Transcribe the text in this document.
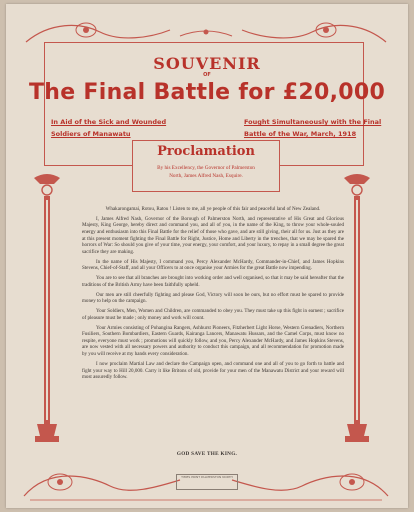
SOUVENIR
OF
The Final Battle for £20,000
In Aid of the Sick and Wounded
Soldiers of Manawatu
Fought Simultaneously with the Final
Battle of the War, March, 1918
Proclamation
By his Excellency, the Governor of Palmerston
North, James Alfred Nash, Esquire.

Whakarongamai, Rotou, Ratou ! Listen to me, all ye people of this fair and peaceful land of New Zealand.

I, James Alfred Nash, Governor of the Borough of Palmerston North, and representative of His Great and Glorious Majesty, King George, hereby direct and command you, and all of you, in the name of the King, to throw your whole-souled energy and enthusiasm into this Final Battle for the relief of those who gave, and are still giving, their all for us. Just as they are at this present moment fighting the Final Battle for Right, Justice, Home and Liberty in the trenches, that we may be spared the horrors of War: So should you give of your time, your energy, your comfort, and your luxury, to repay in a small degree the great sacrifice they are making.

In the name of His Majesty, I command you, Percy Alexander McHardy, Commander-in-Chief, and James Hopkins Stevens, Chief-of-Staff, and all your Officers to at once organise your Armies for the great Battle now impending.

You are to see that all branches are brought into working order and well organised, so that it may be said hereafter that the traditions of the British Army have been faithfully upheld.

Our men are still cheerfully fighting and please God, Victory will soon be ours, but no effort must be spared to provide money to help on the campaign.

Your Soldiers, Men, Women and Children, are commanded to obey you. They must take up this fight in earnest ; sacrifice of pleasure must be made ; only money and work will count.

Your Armies consisting of Pohangina Rangers, Ashhurst Pioneers, Fitzherbert Light Horse, Western Grenadiers, Northern Fusiliers, Southern Bombardiers, Eastern Guards, Kairanga Lancers, Manawatu Hussars, and the Camel Corps, must know no respite, everyone must work ; promotions will quickly follow, and you, Percy Alexander McHardy, and James Hopkins Stevens, are now vested with all necessary powers and authority to conduct this campaign, and all recommendation for promotion made by you will receive at my hands every consideration.

I now proclaim Martial Law and declare the Campaign open, and command one and all of you to go forth to battle and fight your way to Hill 20,000. Carry it like Britons of old, provide for your men of the Manawatu District and your reward will most assuredly follow.

GOD SAVE THE KING.
TIMES PRINT PALMERSTON NORTH
